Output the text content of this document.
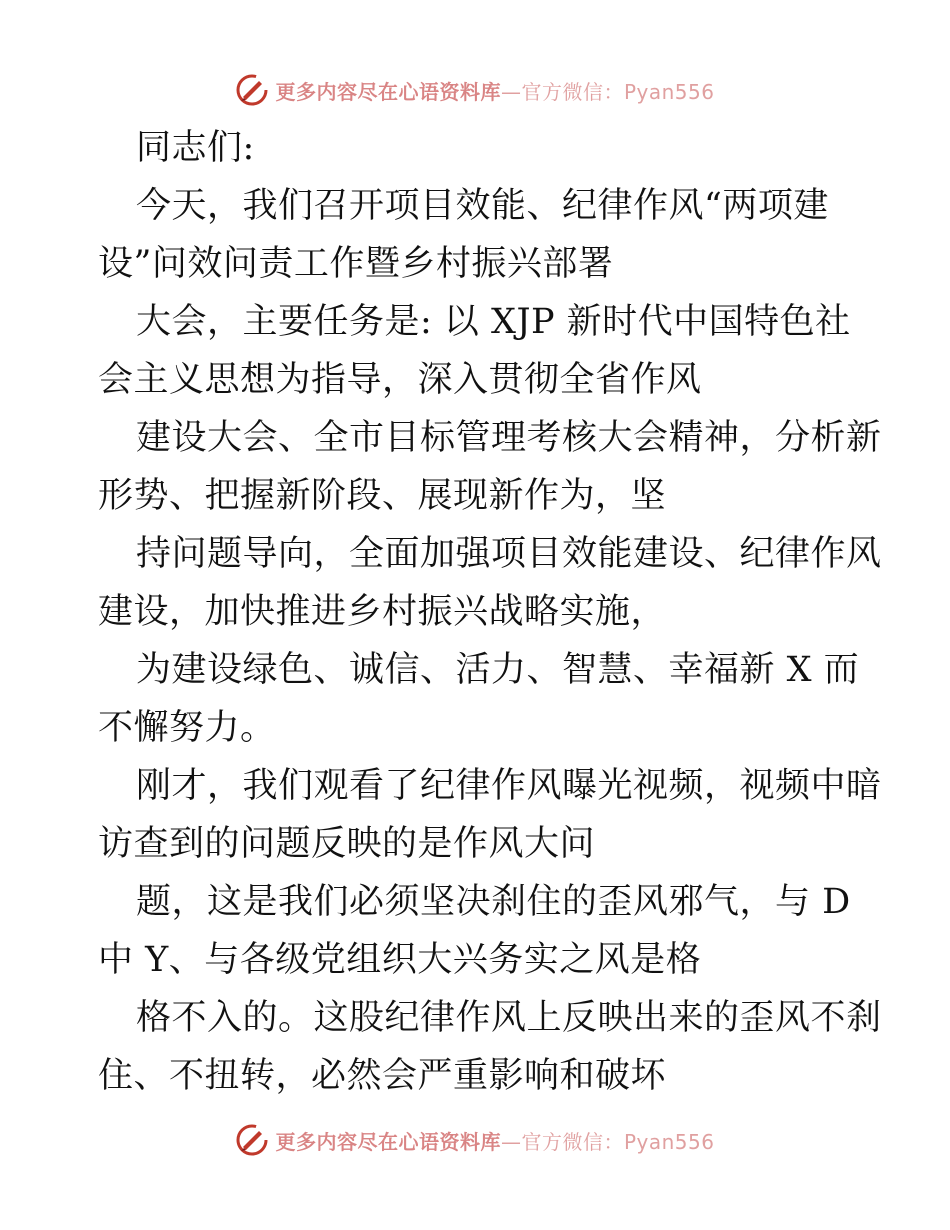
更多内容尽在心语资料库—官方微信：Pyan556
同志们:
今天，我们召开项目效能、纪律作风“两项建
设”问效问责工作暨乡村振兴部署
大会，主要任务是: 以 XJP 新时代中国特色社
会主义思想为指导，深入贯彻全省作风
建设大会、全市目标管理考核大会精神，分析新
形势、把握新阶段、展现新作为，坚
持问题导向，全面加强项目效能建设、纪律作风
建设，加快推进乡村振兴战略实施，
为建设绿色、诚信、活力、智慧、幸福新 X 而
不懈努力。
刚才，我们观看了纪律作风曝光视频，视频中暗
访查到的问题反映的是作风大问
题，这是我们必须坚决刹住的歪风邪气，与 D
中 Y、与各级党组织大兴务实之风是格
格不入的。这股纪律作风上反映出来的歪风不刹
住、不扭转，必然会严重影响和破坏
更多内容尽在心语资料库—官方微信：Pyan556
